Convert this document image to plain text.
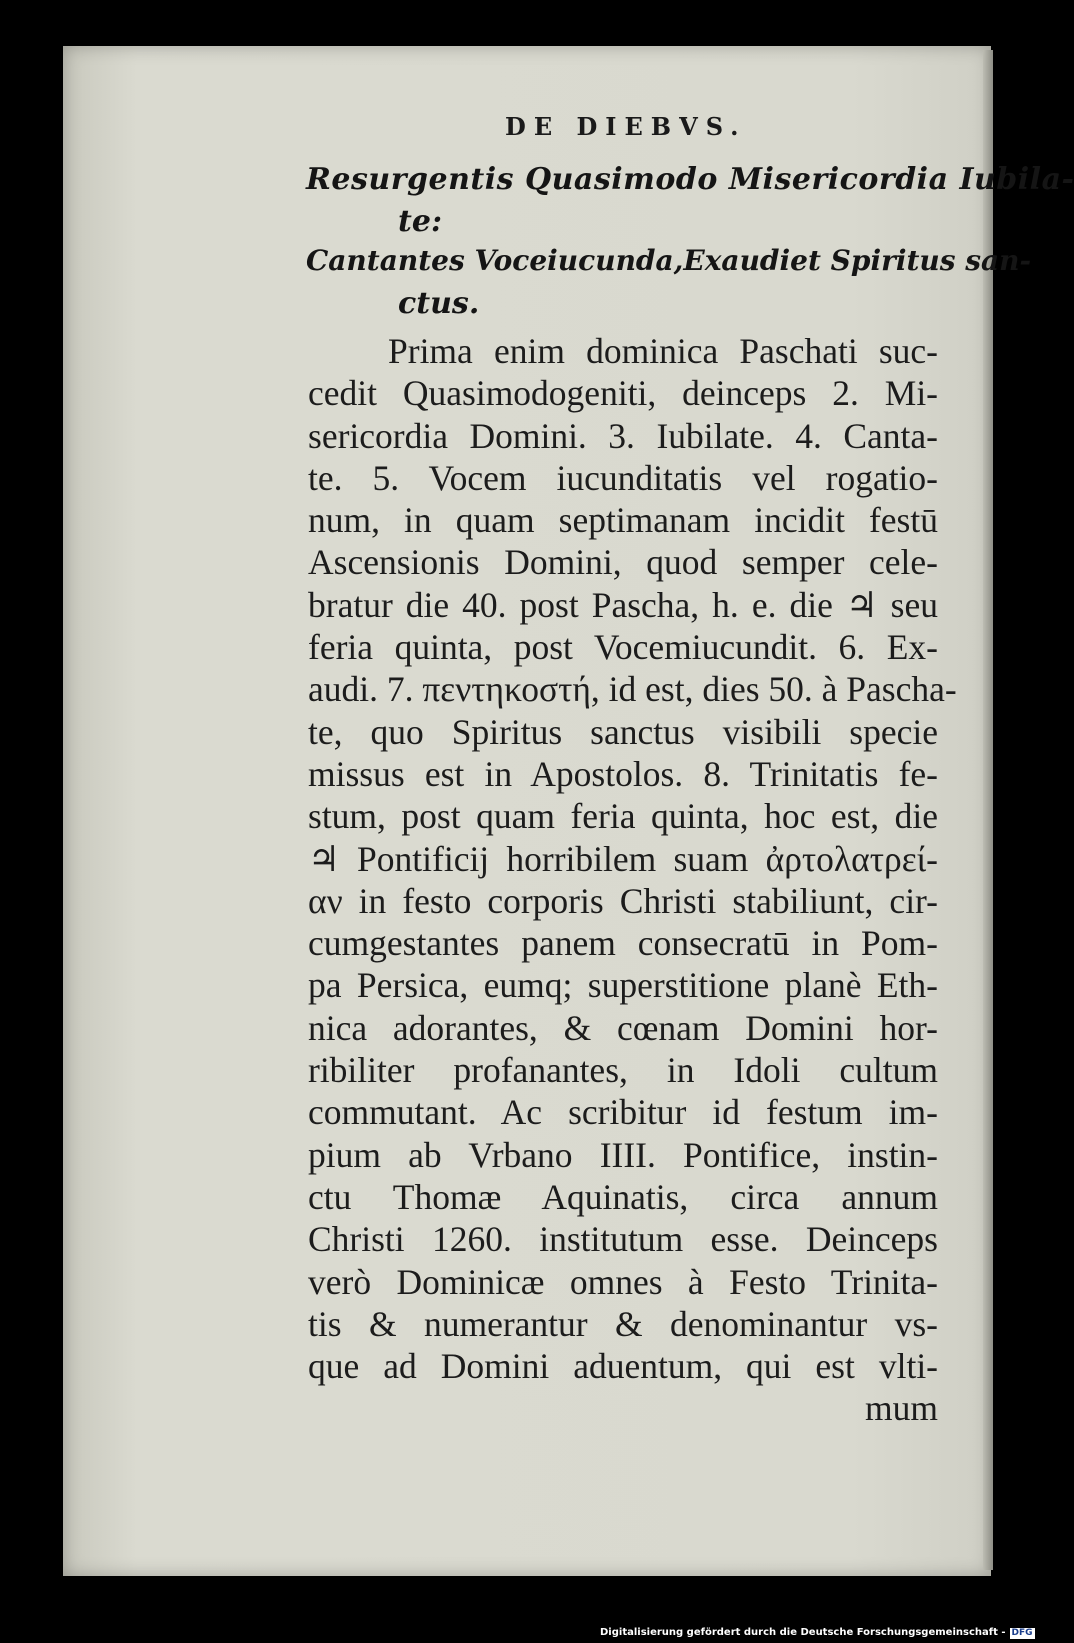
DE DIEBVS.
Resurgentis Quasimodo Misericordia Iubila-
te:
Cantantes Voceiucunda,Exaudiet Spiritus san-
ctus.
Prima enim dominica Paschati suc-
cedit Quasimodogeniti, deinceps 2. Mi-
sericordia Domini. 3. Iubilate. 4. Canta-
te. 5. Vocem iucunditatis vel rogatio-
num, in quam septimanam incidit festū
Ascensionis Domini, quod semper cele-
bratur die 40. post Pascha, h. e. die ♃ seu
feria quinta, post Vocemiucundit. 6. Ex-
audi. 7. πεντηκοστή, id est, dies 50. à Pascha-
te, quo Spiritus sanctus visibili specie
missus est in Apostolos. 8. Trinitatis fe-
stum, post quam feria quinta, hoc est, die
♃ Pontificij horribilem suam ἀρτολατρεί-
αν in festo corporis Christi stabiliunt, cir-
cumgestantes panem consecratū in Pom-
pa Persica, eumq; superstitione planè Eth-
nica adorantes, & cœnam Domini hor-
ribiliter profanantes, in Idoli cultum
commutant. Ac scribitur id festum im-
pium ab Vrbano IIII. Pontifice, instin-
ctu Thomæ Aquinatis, circa annum
Christi 1260. institutum esse. Deinceps
verò Dominicæ omnes à Festo Trinita-
tis & numerantur & denominantur vs-
que ad Domini aduentum, qui est vlti-
mum
Digitalisierung gefördert durch die Deutsche Forschungsgemeinschaft - DFG
